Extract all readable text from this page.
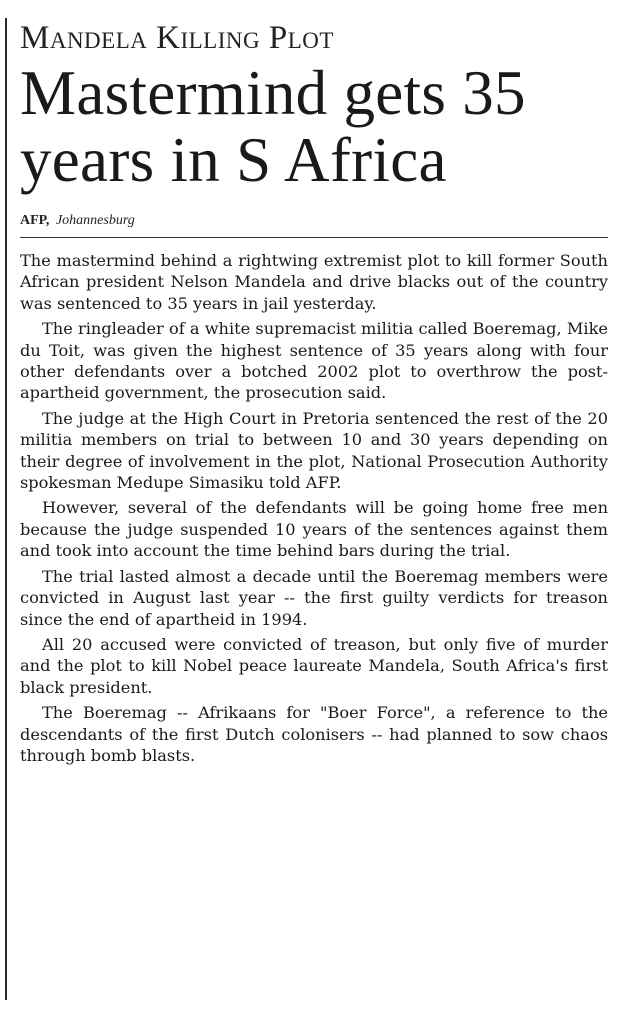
Mandela Killing Plot
Mastermind gets 35 years in S Africa
AFP, Johannesburg

The mastermind behind a rightwing extremist plot to kill former South African president Nelson Mandela and drive blacks out of the country was sentenced to 35 years in jail yesterday.

The ringleader of a white supremacist militia called Boeremag, Mike du Toit, was given the highest sentence of 35 years along with four other defendants over a botched 2002 plot to overthrow the post-apartheid government, the prosecution said.

The judge at the High Court in Pretoria sentenced the rest of the 20 militia members on trial to between 10 and 30 years depending on their degree of involvement in the plot, National Prosecution Authority spokesman Medupe Simasiku told AFP.

However, several of the defendants will be going home free men because the judge suspended 10 years of the sentences against them and took into account the time behind bars during the trial.

The trial lasted almost a decade until the Boeremag members were convicted in August last year -- the first guilty verdicts for treason since the end of apartheid in 1994.

All 20 accused were convicted of treason, but only five of murder and the plot to kill Nobel peace laureate Mandela, South Africa's first black president.

The Boeremag -- Afrikaans for "Boer Force", a reference to the descendants of the first Dutch colonisers -- had planned to sow chaos through bomb blasts.
